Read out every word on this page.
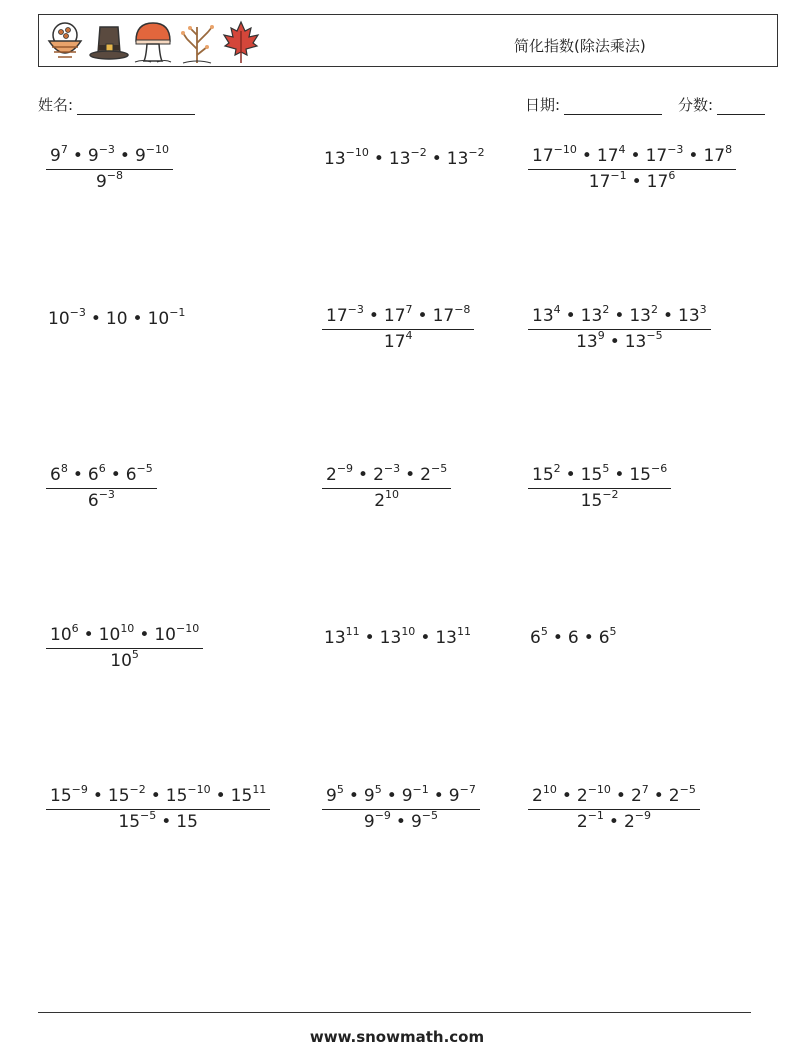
简化指数(除法乘法)
姓名:	日期:	分数:
$\frac{9^7 • 9^{-3} • 9^{-10}}{9^{-8}}$	$13^{-10}$ • $13^{-2}$ • $13^{-2}$	$\frac{17^{-10} • 17^4 • 17^{-3} • 17^8}{17^{-1} • 17^6}$
$10^{-3}$ • 10 • $10^{-1}$	$\frac{17^{-3} • 17^7 • 17^{-8}}{17^4}$	$\frac{13^4 • 13^2 • 13^2 • 13^3}{13^9 • 13^{-5}}$
$\frac{6^8 • 6^6 • 6^{-5}}{6^{-3}}$	$\frac{2^{-9} • 2^{-3} • 2^{-5}}{2^{10}}$	$\frac{15^2 • 15^5 • 15^{-6}}{15^{-2}}$
$\frac{10^6 • 10^{10} • 10^{-10}}{10^5}$	$13^{11}$ • $13^{10}$ • $13^{11}$	$6^5$ • 6 • $6^5$
$\frac{15^{-9} • 15^{-2} • 15^{-10} • 15^{11}}{15^{-5} • 15}$	$\frac{9^5 • 9^5 • 9^{-1} • 9^{-7}}{9^{-9} • 9^{-5}}$	$\frac{2^{10} • 2^{-10} • 2^7 • 2^{-5}}{2^{-1} • 2^{-9}}$
www.snowmath.com
